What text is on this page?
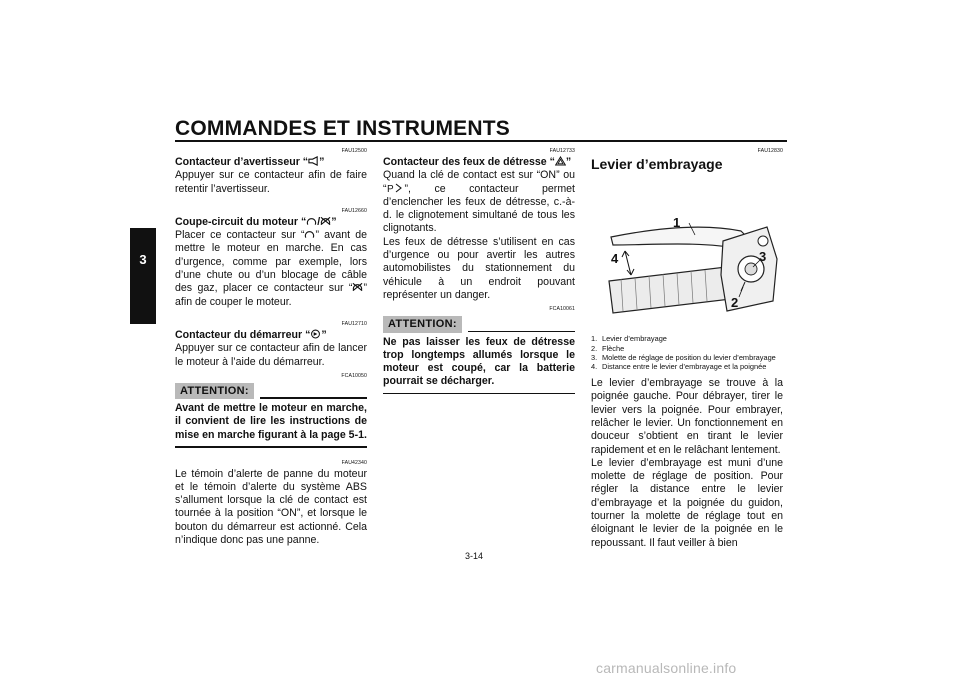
COMMANDES ET INSTRUMENTS
3
FAU12500
Contacteur d’avertisseur “ ”
Appuyer sur ce contacteur afin de faire retentir l’avertisseur.
FAU12660
Coupe-circuit du moteur “ / ”
Placer ce contacteur sur “ ” avant de mettre le moteur en marche. En cas d’urgence, comme par exemple, lors d’une chute ou d’un blocage de câble des gaz, placer ce contacteur sur “ ” afin de couper le moteur.
FAU12710
Contacteur du démarreur “ ”
Appuyer sur ce contacteur afin de lancer le moteur à l’aide du démarreur.
FCA10050
ATTENTION:
Avant de mettre le moteur en marche, il convient de lire les instructions de mise en marche figurant à la page 5-1.
FAU42340
Le témoin d’alerte de panne du moteur et le témoin d’alerte du système ABS s’allument lorsque la clé de contact est tournée à la position “ON”, et lorsque le bouton du démarreur est actionné. Cela n’indique donc pas une panne.
FAU12733
Contacteur des feux de détresse “ ”
Quand la clé de contact est sur “ON” ou “ P ”, ce contacteur permet d’enclencher les feux de détresse, c.-à-d. le clignotement simultané de tous les clignotants.
Les feux de détresse s’utilisent en cas d’urgence ou pour avertir les autres automobilistes du stationnement du véhicule à un endroit pouvant représenter un danger.
FCA10061
ATTENTION:
Ne pas laisser les feux de détresse trop longtemps allumés lorsque le moteur est coupé, car la batterie pourrait se décharger.
FAU12830
Levier d’embrayage
1
4	3
2
1. Levier d’embrayage
2. Flèche
3. Molette de réglage de position du levier d’embrayage
4. Distance entre le levier d’embrayage et la poignée
Le levier d’embrayage se trouve à la poignée gauche. Pour débrayer, tirer le levier vers la poignée. Pour embrayer, relâcher le levier. Un fonctionnement en douceur s’obtient en tirant le levier rapidement et en le relâchant lentement.
Le levier d’embrayage est muni d’une molette de réglage de position. Pour régler la distance entre le levier d’embrayage et la poignée du guidon, tourner la molette de réglage tout en éloignant le levier de la poignée en le repoussant. Il faut veiller à bien
3-14
carmanualsonline.info
